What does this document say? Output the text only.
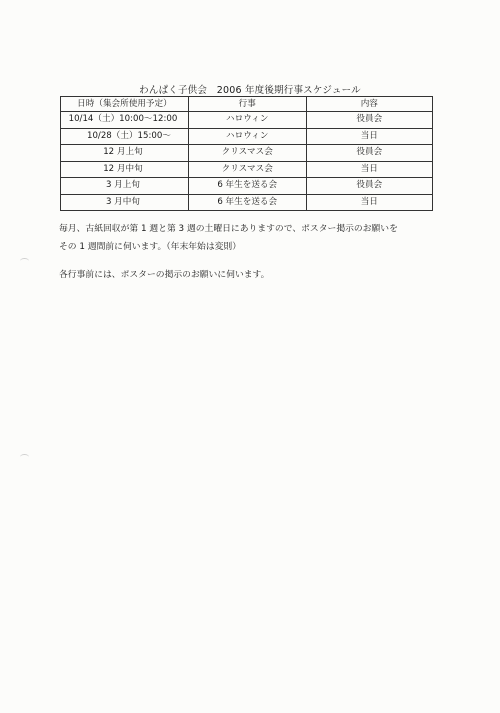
わんぱく子供会　2006 年度後期行事スケジュール
日時（集会所使用予定）	行事	内容
10/14（土）10:00～12:00	ハロウィン	役員会
10/28（土）15:00～	ハロウィン	当日
12 月上旬	クリスマス会	役員会
12 月中旬	クリスマス会	当日
3 月上旬	6 年生を送る会	役員会
3 月中旬	6 年生を送る会	当日
毎月、古紙回収が第 1 週と第 3 週の土曜日にありますので、ポスター掲示のお願いを
その 1 週間前に伺います。（年末年始は変則）
各行事前には、ポスターの掲示のお願いに伺います。
